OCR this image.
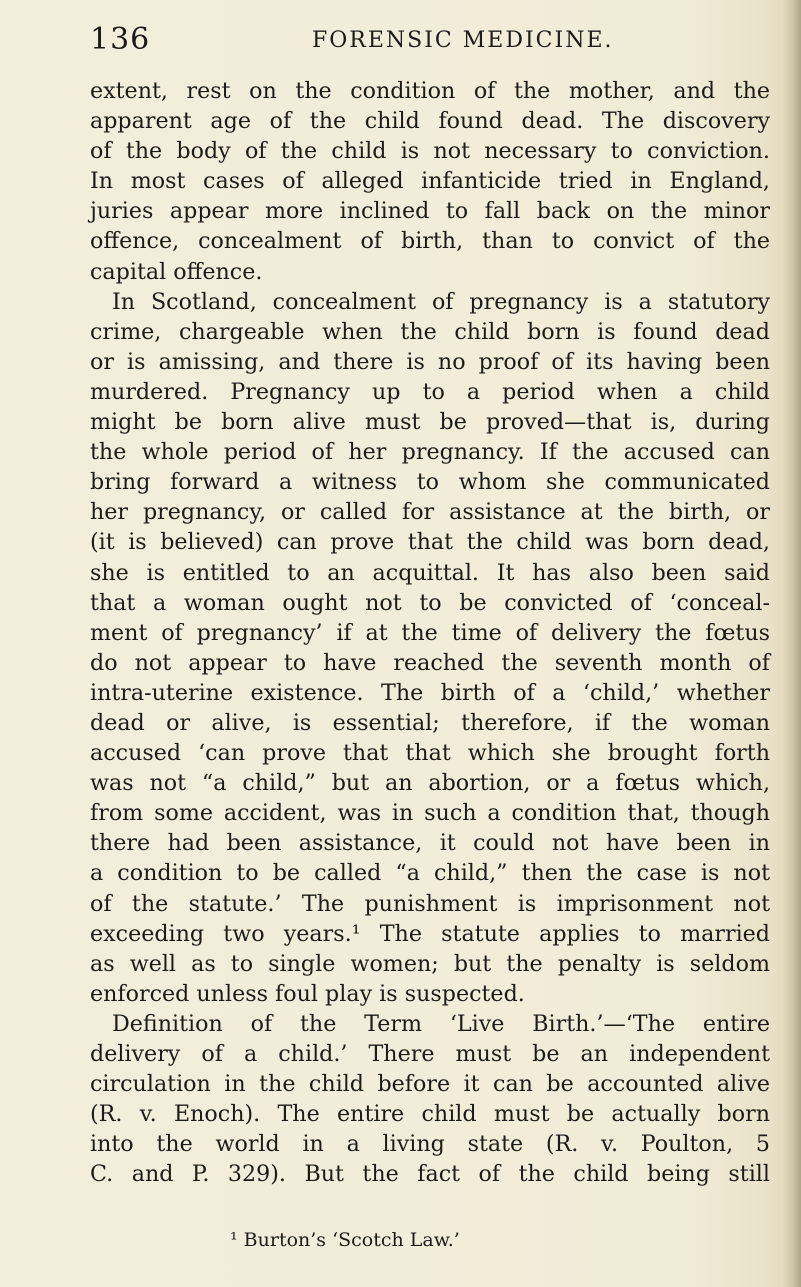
136	FORENSIC MEDICINE.
extent, rest on the condition of the mother, and the
apparent age of the child found dead. The discovery
of the body of the child is not necessary to conviction.
In most cases of alleged infanticide tried in England,
juries appear more inclined to fall back on the minor
offence, concealment of birth, than to convict of the
capital offence.
In Scotland, concealment of pregnancy is a statutory
crime, chargeable when the child born is found dead
or is amissing, and there is no proof of its having been
murdered. Pregnancy up to a period when a child
might be born alive must be proved—that is, during
the whole period of her pregnancy. If the accused can
bring forward a witness to whom she communicated
her pregnancy, or called for assistance at the birth, or
(it is believed) can prove that the child was born dead,
she is entitled to an acquittal. It has also been said
that a woman ought not to be convicted of ‘conceal-
ment of pregnancy’ if at the time of delivery the fœtus
do not appear to have reached the seventh month of
intra-uterine existence. The birth of a ‘child,’ whether
dead or alive, is essential; therefore, if the woman
accused ‘can prove that that which she brought forth
was not “a child,” but an abortion, or a fœtus which,
from some accident, was in such a condition that, though
there had been assistance, it could not have been in
a condition to be called “a child,” then the case is not
of the statute.’ The punishment is imprisonment not
exceeding two years.¹ The statute applies to married
as well as to single women; but the penalty is seldom
enforced unless foul play is suspected.
Definition of the Term ‘Live Birth.’—‘The entire
delivery of a child.’ There must be an independent
circulation in the child before it can be accounted alive
(R. v. Enoch). The entire child must be actually born
into the world in a living state (R. v. Poulton, 5
C. and P. 329). But the fact of the child being still
¹ Burton’s ‘Scotch Law.’
